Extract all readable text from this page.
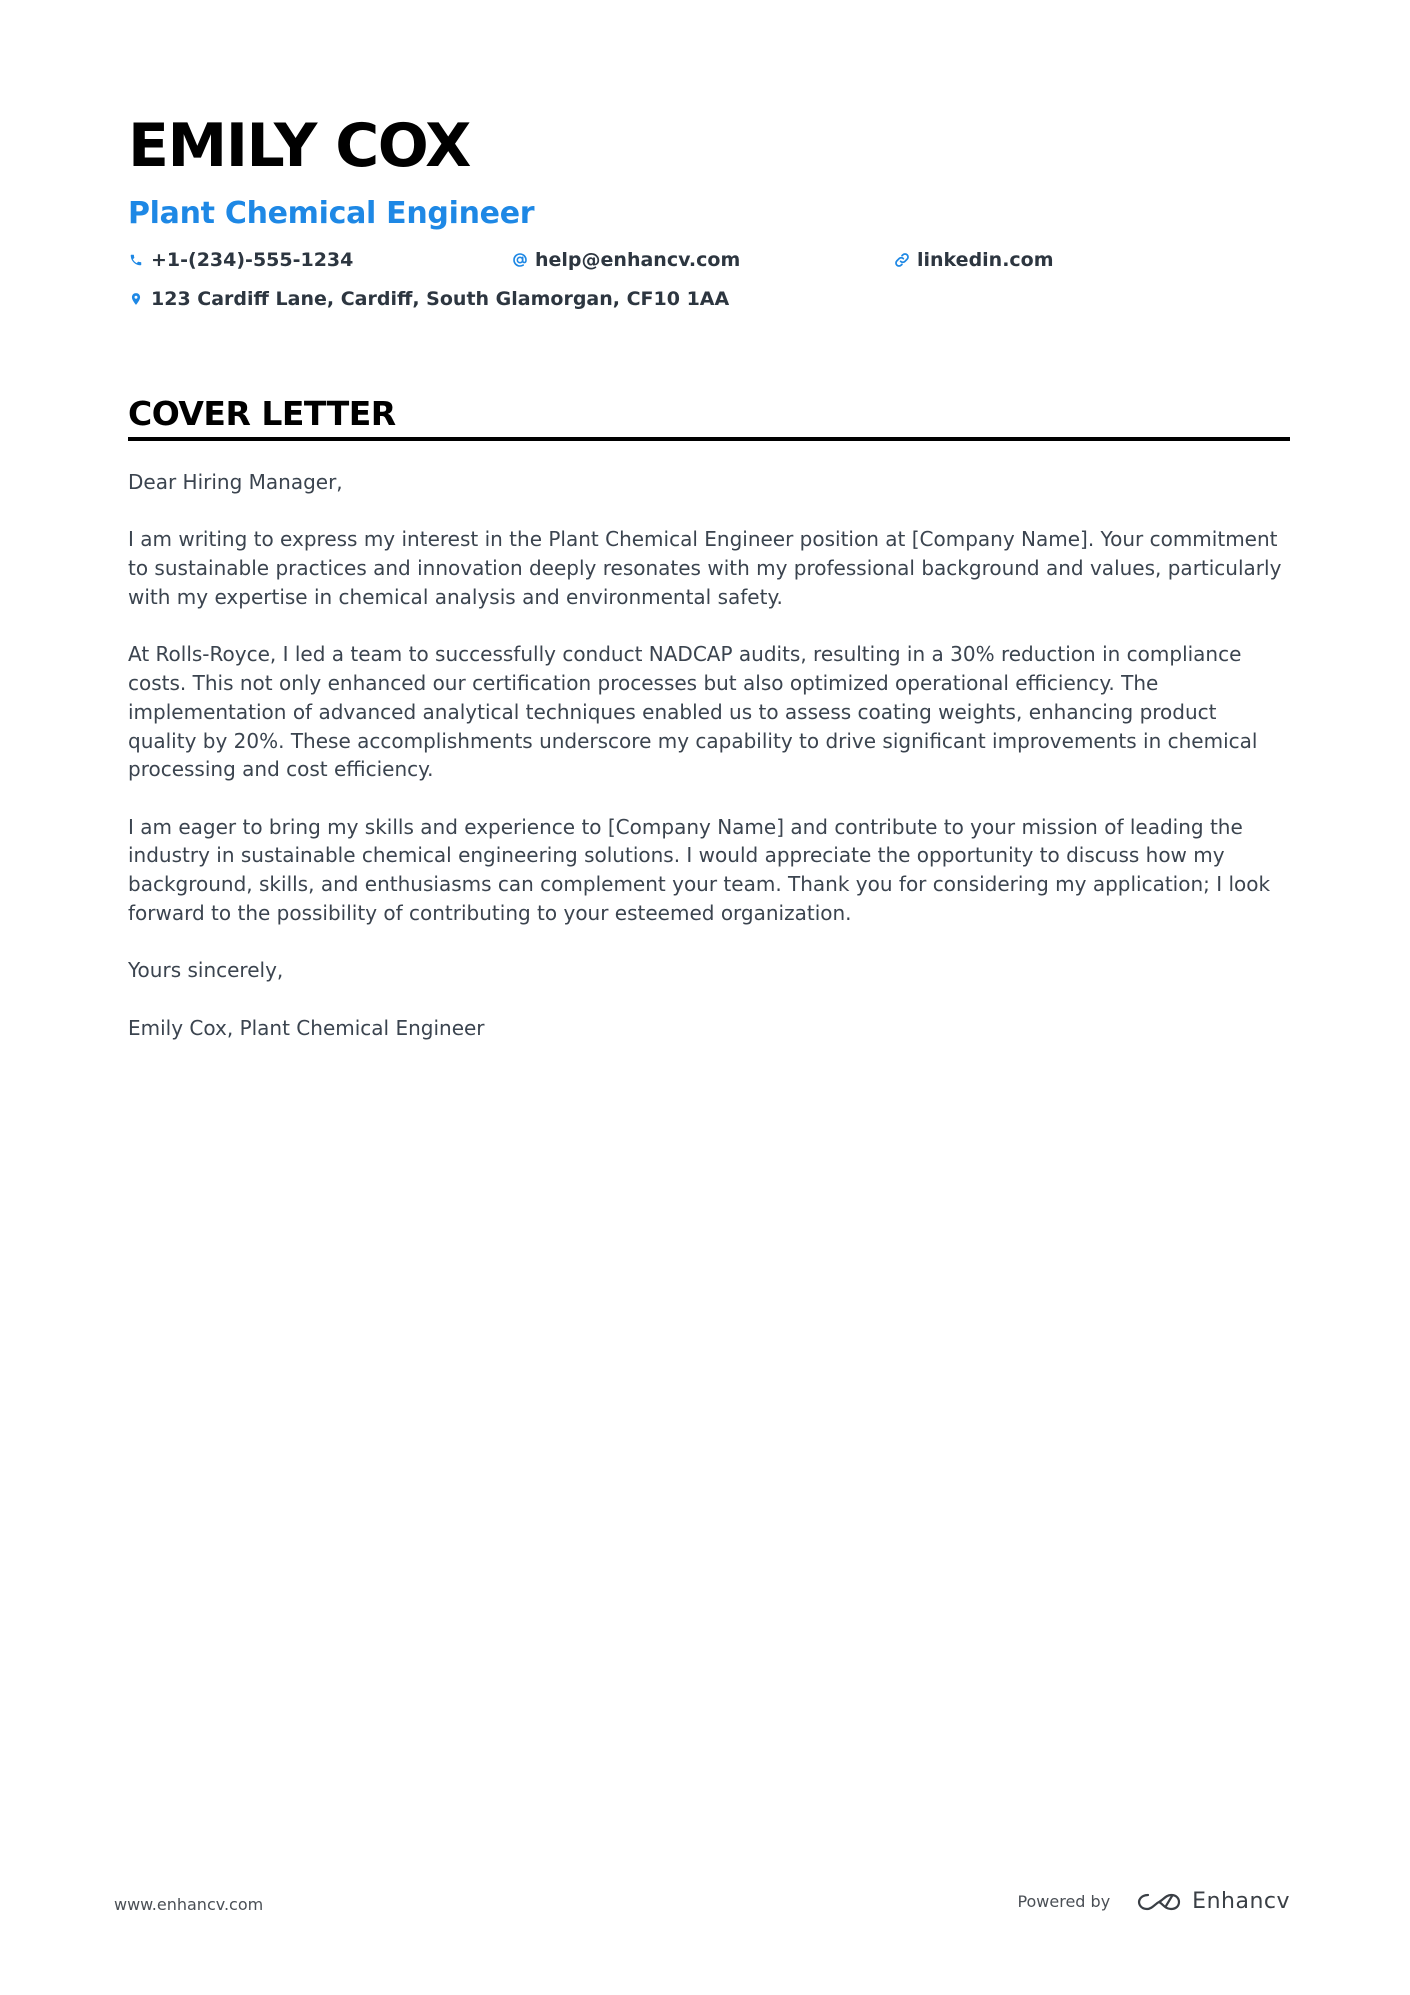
EMILY COX
Plant Chemical Engineer
+1-(234)-555-1234	help@enhancv.com	linkedin.com
123 Cardiff Lane, Cardiff, South Glamorgan, CF10 1AA
COVER LETTER

Dear Hiring Manager,

I am writing to express my interest in the Plant Chemical Engineer position at [Company Name]. Your commitment to sustainable practices and innovation deeply resonates with my professional background and values, particularly with my expertise in chemical analysis and environmental safety.

At Rolls-Royce, I led a team to successfully conduct NADCAP audits, resulting in a 30% reduction in compliance costs. This not only enhanced our certification processes but also optimized operational efficiency. The implementation of advanced analytical techniques enabled us to assess coating weights, enhancing product quality by 20%. These accomplishments underscore my capability to drive significant improvements in chemical processing and cost efficiency.

I am eager to bring my skills and experience to [Company Name] and contribute to your mission of leading the industry in sustainable chemical engineering solutions. I would appreciate the opportunity to discuss how my background, skills, and enthusiasms can complement your team. Thank you for considering my application; I look forward to the possibility of contributing to your esteemed organization.

Yours sincerely,

Emily Cox, Plant Chemical Engineer

www.enhancv.com	Powered by	Enhancv
